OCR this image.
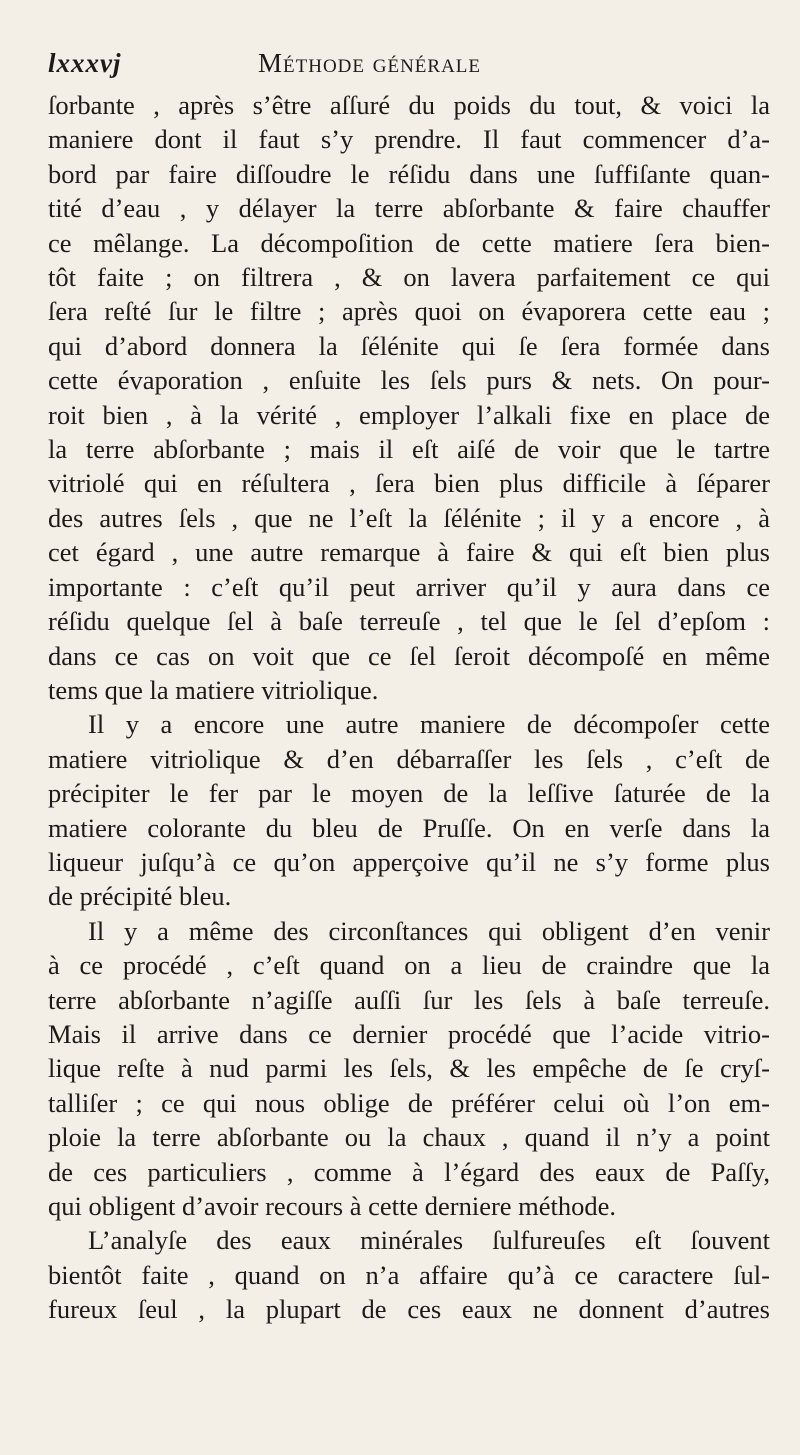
lxxxvj	Méthode générale
ſorbante , après s’être aſſuré du poids du tout, & voici la
maniere dont il faut s’y prendre. Il faut commencer d’a-
bord par faire diſſoudre le réſidu dans une ſuffiſante quan-
tité d’eau , y délayer la terre abſorbante & faire chauffer
ce mêlange. La décompoſition de cette matiere ſera bien-
tôt faite ; on filtrera , & on lavera parfaitement ce qui
ſera reſté ſur le filtre ; après quoi on évaporera cette eau ;
qui d’abord donnera la ſélénite qui ſe ſera formée dans
cette évaporation , enſuite les ſels purs & nets. On pour-
roit bien , à la vérité , employer l’alkali fixe en place de
la terre abſorbante ; mais il eſt aiſé de voir que le tartre
vitriolé qui en réſultera , ſera bien plus difficile à ſéparer
des autres ſels , que ne l’eſt la ſélénite ; il y a encore , à
cet égard , une autre remarque à faire & qui eſt bien plus
importante : c’eſt qu’il peut arriver qu’il y aura dans ce
réſidu quelque ſel à baſe terreuſe , tel que le ſel d’epſom :
dans ce cas on voit que ce ſel ſeroit décompoſé en même
tems que la matiere vitriolique.
Il y a encore une autre maniere de décompoſer cette
matiere vitriolique & d’en débarraſſer les ſels , c’eſt de
précipiter le fer par le moyen de la leſſive ſaturée de la
matiere colorante du bleu de Pruſſe. On en verſe dans la
liqueur juſqu’à ce qu’on apperçoive qu’il ne s’y forme plus
de précipité bleu.
Il y a même des circonſtances qui obligent d’en venir
à ce procédé , c’eſt quand on a lieu de craindre que la
terre abſorbante n’agiſſe auſſi ſur les ſels à baſe terreuſe.
Mais il arrive dans ce dernier procédé que l’acide vitrio-
lique reſte à nud parmi les ſels, & les empêche de ſe cryſ-
talliſer ; ce qui nous oblige de préférer celui où l’on em-
ploie la terre abſorbante ou la chaux , quand il n’y a point
de ces particuliers , comme à l’égard des eaux de Paſſy,
qui obligent d’avoir recours à cette derniere méthode.
L’analyſe des eaux minérales ſulfureuſes eſt ſouvent
bientôt faite , quand on n’a affaire qu’à ce caractere ſul-
fureux ſeul , la plupart de ces eaux ne donnent d’autres
